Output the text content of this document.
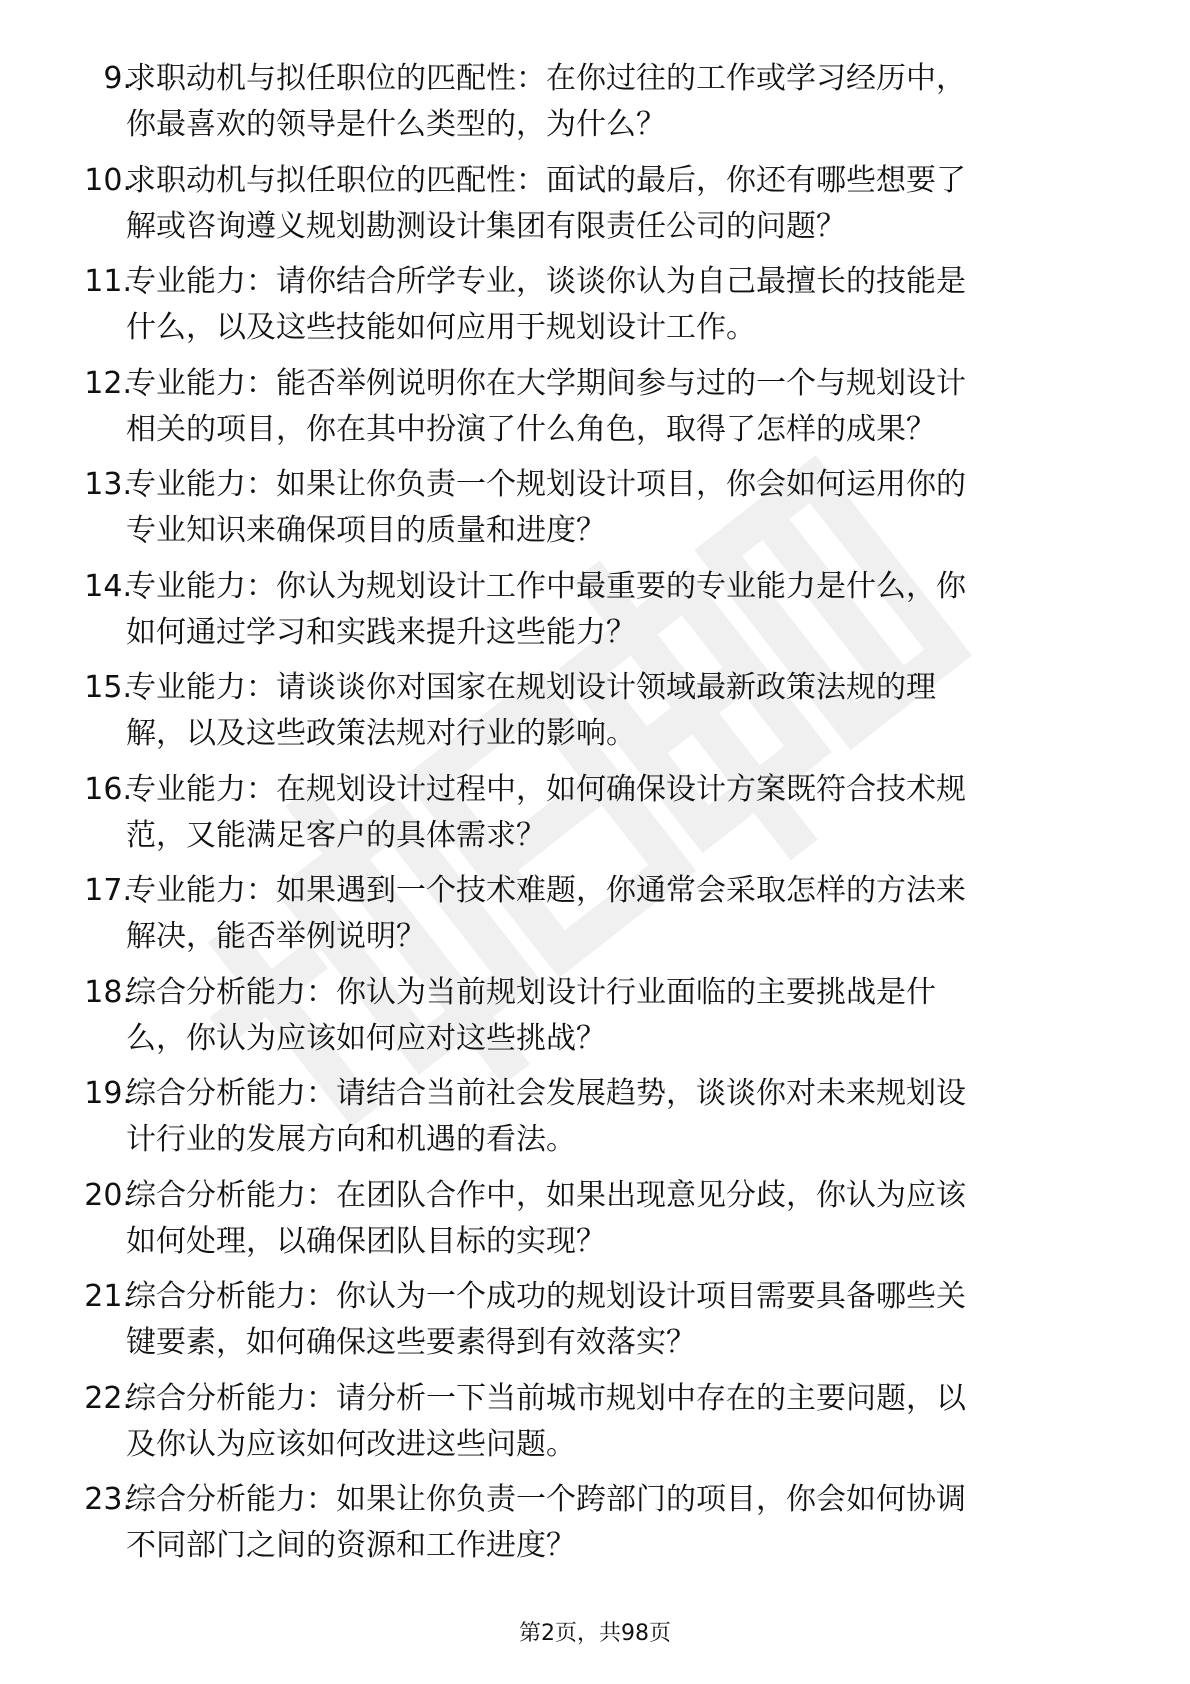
9.
求职动机与拟任职位的匹配性：在你过往的工作或学习经历中，
你最喜欢的领导是什么类型的，为什么？
10.
求职动机与拟任职位的匹配性：面试的最后，你还有哪些想要了
解或咨询遵义规划勘测设计集团有限责任公司的问题？
11.
专业能力：请你结合所学专业，谈谈你认为自己最擅长的技能是
什么，以及这些技能如何应用于规划设计工作。
12.
专业能力：能否举例说明你在大学期间参与过的一个与规划设计
相关的项目，你在其中扮演了什么角色，取得了怎样的成果？
13.
专业能力：如果让你负责一个规划设计项目，你会如何运用你的
专业知识来确保项目的质量和进度？
14.
专业能力：你认为规划设计工作中最重要的专业能力是什么，你
如何通过学习和实践来提升这些能力？
15.
专业能力：请谈谈你对国家在规划设计领域最新政策法规的理
解，以及这些政策法规对行业的影响。
16.
专业能力：在规划设计过程中，如何确保设计方案既符合技术规
范，又能满足客户的具体需求？
17.
专业能力：如果遇到一个技术难题，你通常会采取怎样的方法来
解决，能否举例说明？
18.
综合分析能力：你认为当前规划设计行业面临的主要挑战是什
么，你认为应该如何应对这些挑战？
19.
综合分析能力：请结合当前社会发展趋势，谈谈你对未来规划设
计行业的发展方向和机遇的看法。
20.
综合分析能力：在团队合作中，如果出现意见分歧，你认为应该
如何处理，以确保团队目标的实现？
21.
综合分析能力：你认为一个成功的规划设计项目需要具备哪些关
键要素，如何确保这些要素得到有效落实？
22.
综合分析能力：请分析一下当前城市规划中存在的主要问题，以
及你认为应该如何改进这些问题。
23.
综合分析能力：如果让你负责一个跨部门的项目，你会如何协调
不同部门之间的资源和工作进度？
第2页，共98页
